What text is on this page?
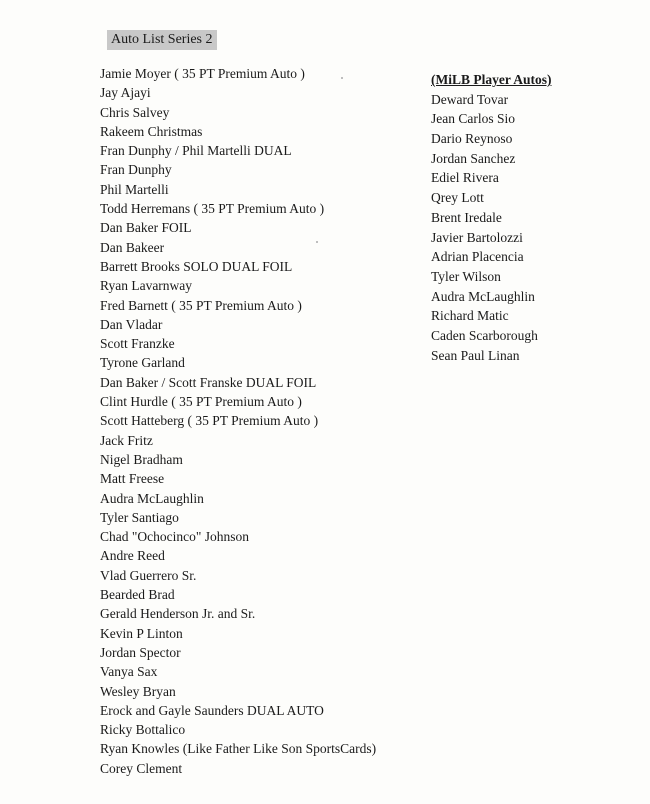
Auto List Series 2
Jamie Moyer ( 35 PT Premium Auto )
Jay Ajayi
Chris Salvey
Rakeem Christmas
Fran Dunphy / Phil Martelli DUAL
Fran Dunphy
Phil Martelli
Todd Herremans ( 35 PT Premium Auto )
Dan Baker FOIL
Dan Bakeer
Barrett Brooks SOLO DUAL FOIL
Ryan Lavarnway
Fred Barnett ( 35 PT Premium Auto )
Dan Vladar
Scott Franzke
Tyrone Garland
Dan Baker / Scott Franske DUAL FOIL
Clint Hurdle ( 35 PT Premium Auto )
Scott Hatteberg ( 35 PT Premium Auto )
Jack Fritz
Nigel Bradham
Matt Freese
Audra McLaughlin
Tyler Santiago
Chad "Ochocinco" Johnson
Andre Reed
Vlad Guerrero Sr.
Bearded Brad
Gerald Henderson Jr. and Sr.
Kevin P Linton
Jordan Spector
Vanya Sax
Wesley Bryan
Erock and Gayle Saunders DUAL AUTO
Ricky Bottalico
Ryan Knowles (Like Father Like Son SportsCards)
Corey Clement
(MiLB Player Autos)
Deward Tovar
Jean Carlos Sio
Dario Reynoso
Jordan Sanchez
Ediel Rivera
Qrey Lott
Brent Iredale
Javier Bartolozzi
Adrian Placencia
Tyler Wilson
Audra McLaughlin
Richard Matic
Caden Scarborough
Sean Paul Linan
